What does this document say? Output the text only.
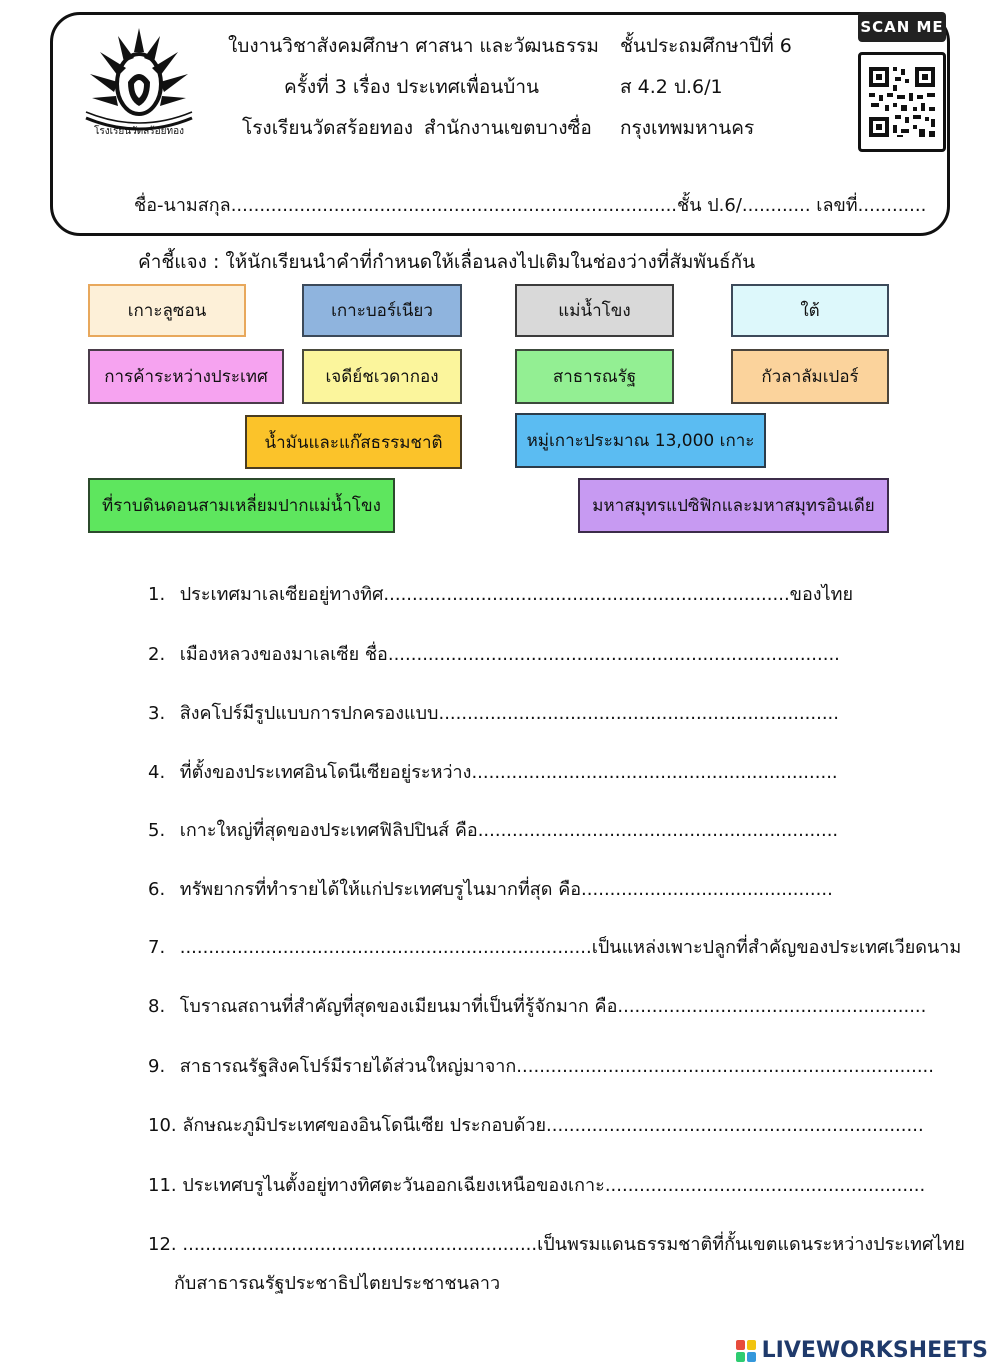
โรงเรียนวัดสร้อยทอง
ใบงานวิชาสังคมศึกษา ศาสนา และวัฒนธรรม ชั้นประถมศึกษาปีที่ 6
ครั้งที่ 3 เรื่อง ประเทศเพื่อนบ้าน	ส 4.2 ป.6/1
โรงเรียนวัดสร้อยทอง สำนักงานเขตบางซื่อ กรุงเทพมหานคร
ชื่อ-นามสกุล..............................................................................ชั้น ป.6/............ เลขที่............
SCAN ME
คำชี้แจง : ให้นักเรียนนำคำที่กำหนดให้เลื่อนลงไปเติมในช่องว่างที่สัมพันธ์กัน
เกาะลูซอน	เกาะบอร์เนียว	แม่น้ำโขง	ใต้
การค้าระหว่างประเทศ	เจดีย์ชเวดากอง	สาธารณรัฐ	กัวลาลัมเปอร์
น้ำมันและแก๊สธรรมชาติ	หมู่เกาะประมาณ 13,000 เกาะ
ที่ราบดินดอนสามเหลี่ยมปากแม่น้ำโขง	มหาสมุทรแปซิฟิกและมหาสมุทรอินเดีย
1. ประเทศมาเลเซียอยู่ทางทิศ.......................................................................ของไทย
2. เมืองหลวงของมาเลเซีย ชื่อ...............................................................................
3. สิงคโปร์มีรูปแบบการปกครองแบบ......................................................................
4. ที่ตั้งของประเทศอินโดนีเซียอยู่ระหว่าง................................................................
5. เกาะใหญ่ที่สุดของประเทศฟิลิปปินส์ คือ...............................................................
6. ทรัพยากรที่ทำรายได้ให้แก่ประเทศบรูไนมากที่สุด คือ............................................
7. ........................................................................เป็นแหล่งเพาะปลูกที่สำคัญของประเทศเวียดนาม
8. โบราณสถานที่สำคัญที่สุดของเมียนมาที่เป็นที่รู้จักมาก คือ......................................................
9. สาธารณรัฐสิงคโปร์มีรายได้ส่วนใหญ่มาจาก.........................................................................
10. ลักษณะภูมิประเทศของอินโดนีเซีย ประกอบด้วย..................................................................
11. ประเทศบรูไนตั้งอยู่ทางทิศตะวันออกเฉียงเหนือของเกาะ........................................................
12. ..............................................................เป็นพรมแดนธรรมชาติที่กั้นเขตแดนระหว่างประเทศไทย
กับสาธารณรัฐประชาธิปไตยประชาชนลาว
LIVEWORKSHEETS
